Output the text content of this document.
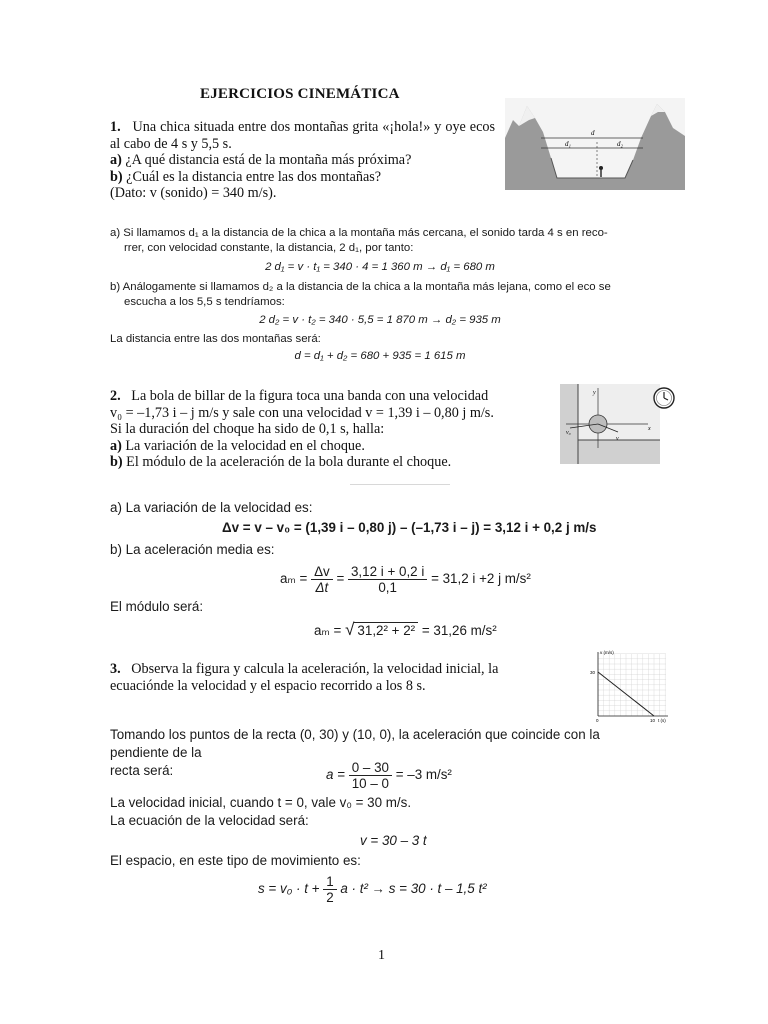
EJERCICIOS CINEMÁTICA
1. Una chica situada entre dos montañas grita «¡hola!» y oye ecos al cabo de 4 s y 5,5 s.
a) ¿A qué distancia está de la montaña más próxima?
b) ¿Cuál es la distancia entre las dos montañas?
(Dato: v (sonido) = 340 m/s).
d
d₁	d₂
a) Si llamamos d₁ a la distancia de la chica a la montaña más cercana, el sonido tarda 4 s en reco-
rrer, con velocidad constante, la distancia, 2 d₁, por tanto:
2 d₁ = v · t₁ = 340 · 4 = 1 360 m → d₁ = 680 m
b) Análogamente si llamamos d₂ a la distancia de la chica a la montaña más lejana, como el eco se
escucha a los 5,5 s tendríamos:
2 d₂ = v · t₂ = 340 · 5,5 = 1 870 m → d₂ = 935 m
La distancia entre las dos montañas será:
d = d₁ + d₂ = 680 + 935 = 1 615 m
2. La bola de billar de la figura toca una banda con una velocidad
v₀ = –1,73 i – j m/s y sale con una velocidad v = 1,39 i – 0,80 j m/s.
Si la duración del choque ha sido de 0,1 s, halla:
a) La variación de la velocidad en el choque.
b) El módulo de la aceleración de la bola durante el choque.
y
x
v₀
v
a) La variación de la velocidad es:
Δv = v – v₀ = (1,39 i – 0,80 j) – (–1,73 i – j) = 3,12 i + 0,2 j m/s
b) La aceleración media es:
$a_m = \frac{\Delta v}{\Delta t} = \frac{3,12 i + 0,2 i}{0,1} = 31,2$ i +2 j m/s²
El módulo será:
aₘ = √ 31,2² + 2² = 31,26 m/s²
3. Observa la figura y calcula la aceleración, la velocidad inicial, la
ecuaciónde la velocidad y el espacio recorrido a los 8 s.
v (m/s)
t (s)
30
0	10
Tomando los puntos de la recta (0, 30) y (10, 0), la aceleración que coincide con la pendiente de la
recta será:	$a = \frac{0 - 30}{10 - 0} = -3$ m/s²
La velocidad inicial, cuando t = 0, vale v₀ = 30 m/s.
La ecuación de la velocidad será:
v = 30 – 3 t
El espacio, en este tipo de movimiento es:
$s = v_0 \cdot t + \frac{1}{2}$ a · t² → s = 30 · t – 1,5 t²
1
